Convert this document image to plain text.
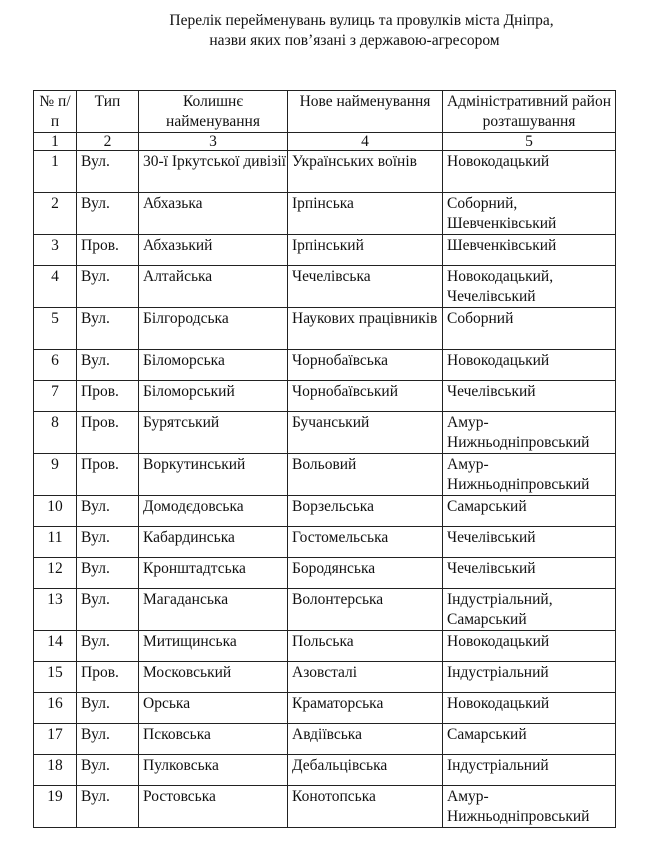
Перелік перейменувань вулиць та провулків міста Дніпра,
назви яких пов’язані з державою-агресором
№ п/п	Тип	Колишнє найменування	Нове найменування	Адміністративний район розташування
1	2	3	4	5
1	Вул.	30-ї Іркутської дивізії	Українських воїнів	Новокодацький
2	Вул.	Абхазька	Ірпінська	Соборний, Шевченківський
3	Пров.	Абхазький	Ірпінський	Шевченківський
4	Вул.	Алтайська	Чечелівська	Новокодацький, Чечелівський
5	Вул.	Білгородська	Наукових працівників	Соборний
6	Вул.	Біломорська	Чорнобаївська	Новокодацький
7	Пров.	Біломорський	Чорнобаївський	Чечелівський
8	Пров.	Бурятський	Бучанський	Амур-Нижньодніпровський
9	Пров.	Воркутинський	Вольовий	Амур-Нижньодніпровський
10	Вул.	Домодєдовська	Ворзельська	Самарський
11	Вул.	Кабардинська	Гостомельська	Чечелівський
12	Вул.	Кронштадтська	Бородянська	Чечелівський
13	Вул.	Магаданська	Волонтерська	Індустріальний, Самарський
14	Вул.	Митищинська	Польська	Новокодацький
15	Пров.	Московський	Азовсталі	Індустріальний
16	Вул.	Орська	Краматорська	Новокодацький
17	Вул.	Псковська	Авдіївська	Самарський
18	Вул.	Пулковська	Дебальцівська	Індустріальний
19	Вул.	Ростовська	Конотопська	Амур-Нижньодніпровський
